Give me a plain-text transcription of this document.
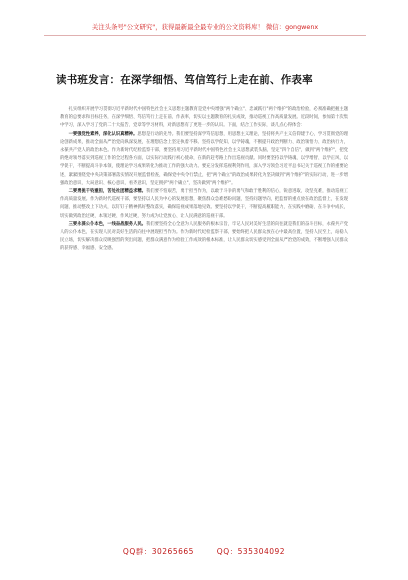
关注头条号"公文研究"，获得最新最全最专业的公文资料库！ 微信：gongwenx
读书班发言：在深学细悟、笃信笃行上走在前、作表率

扎实组织开展学习贯彻习近平新时代中国特色社会主义思想主题教育是党中央增强"两个确立"、忠诚践行"两个维护"的政治检验，必须准确把握主题教育的总要求和目标任务，在深学细悟、笃信笃行上走在前、作表率，切实以主题教育的扎实成效，推动巡视工作高质量发展。近段时间，参加第十次集中学习，深入学习了党的二十大报告、党章等学习材料，对新思想有了更进一步的认识。下面，结合工作实际，谈几点心得体会：

一要强党性素养，深化认识真精神。思想是行动的先导。我们要坚持深学笃信思想，用思想主义理论，坚持将共产主义信仰建于心，学习贯彻党的理论创新成果，推动全面从严治党向纵深发展，在理想信念上坚定执着不移。坚持以学促知、以学铸魂，不断提升政治判断力、政治领悟力、政治执行力，永葆共产党人的政治本色。作为新时代纪检监察干部，要坚持用习近平新时代中国特色社会主义思想武装头脑，坚定"四个自信"，做到"两个维护"，把党的绝对领导落实到巡视工作的全过程各方面，以实际行动践行初心使命，在新的赶考路上作出巡视贡献。同时要坚持以学铸魂、以学增智、以学正风、以学促干，不断提高斗争本领，使理论学习成果转化为推动工作的强大动力。要充分发挥巡视利剑作用，深入学习领会习近平总书记关于巡视工作的重要论述，紧紧围绕党中央决策部署落实情况开展监督检查，确保党中央令行禁止，把"两个确立"的政治成果转化为坚决做到"两个维护"的实际行动，进一步增强政治意识、大局意识、核心意识、看齐意识，坚定拥护"两个确立"，坚决做到"两个维护"。

二要勇挑千钧重担，苦处社团精益求精。我们要不怕艰苦，勇于担当作为，以敢于斗争的勇气和敢于胜利的信心，锐意进取、攻坚克难，推动巡视工作高质量发展。作为新时代巡视干部，要坚持以人民为中心的发展思想，聚焦群众急难愁盼问题，坚持问题导向，把监督的重点放在政治监督上，在发现问题、推动整改上下功夫，以钉钉子精神抓好整改落实，确保巡视成果落地见效。要坚持以学促干，不断提高履职能力，在实践中磨砺、在斗争中成长，切实做到政治过硬、本领过硬、作风过硬，努力成为让党放心、让人民满意的巡视干部。

三要永葆公仆本色，一线奋战服务人民。我们要坚持全心全意为人民服务的根本宗旨，牢记人民对美好生活的向往就是我们的奋斗目标，永葆共产党人的公仆本色，在实现人民对美好生活的向往中展现担当作为。作为新时代纪检监察干部，要始终把人民群众放在心中最高位置，坚持人民至上，站稳人民立场，切实解决群众反映强烈的突出问题，把群众满意作为检验工作成效的根本标准，让人民群众切实感受到全面从严治党的成效，不断增强人民群众的获得感、幸福感、安全感。

QQ群：30265665	QQ：535304092
